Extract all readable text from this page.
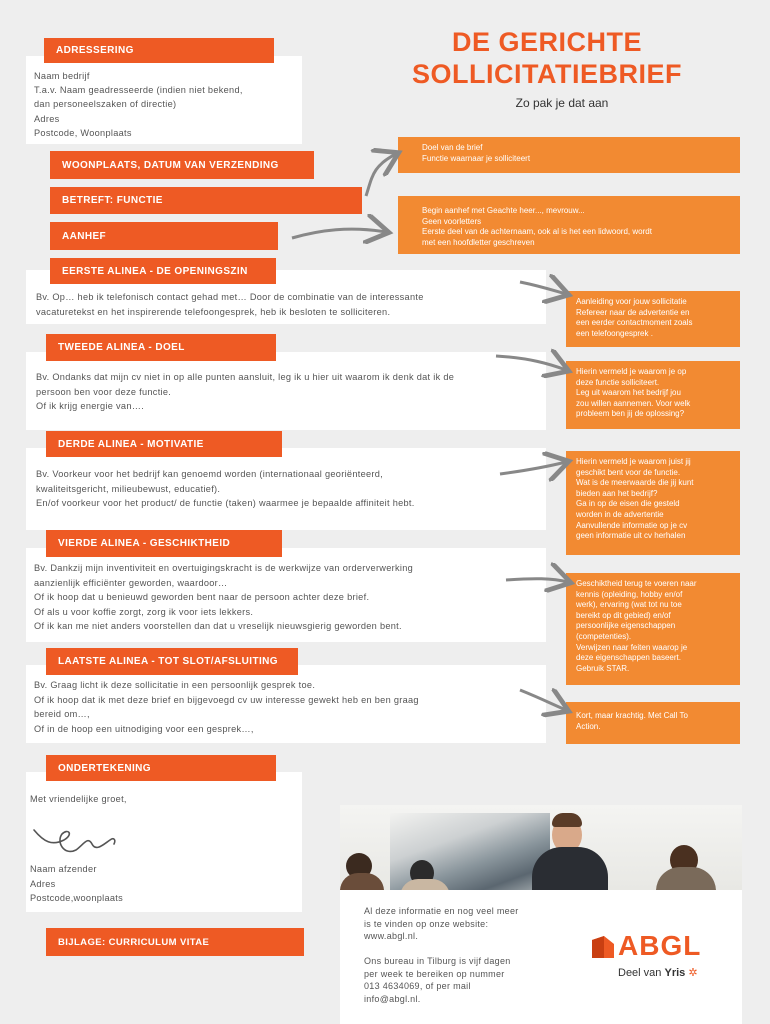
DE GERICHTE
SOLLICITATIEBRIEF
Zo pak je dat aan
ADRESSERING
Naam bedrijf
T.a.v. Naam geadresseerde (indien niet bekend,
dan personeelszaken of directie)
Adres
Postcode, Woonplaats
WOONPLAATS, DATUM VAN VERZENDING
BETREFT: FUNCTIE
AANHEF
Doel van de brief
Functie waarnaar je solliciteert
Begin aanhef met Geachte heer..., mevrouw...
Geen voorletters
Eerste deel van de achternaam, ook al is het een lidwoord, wordt
met een hoofdletter geschreven
EERSTE ALINEA - DE OPENINGSZIN
Bv. Op… heb ik telefonisch contact gehad met… Door de combinatie van de interessante
vacaturetekst en het inspirerende telefoongesprek, heb ik besloten te solliciteren.
Aanleiding voor jouw sollicitatie
Refereer naar de advertentie en
een eerder contactmoment zoals
een telefoongesprek .
TWEEDE ALINEA - DOEL
Bv. Ondanks dat mijn cv niet in op alle punten aansluit, leg ik u hier uit waarom ik denk dat ik de
persoon ben voor deze functie.
Of ik krijg energie van….
Hierin vermeld je waarom je op
deze functie solliciteert.
Leg uit waarom het bedrijf jou
zou willen aannemen. Voor welk
probleem ben jij de oplossing?
DERDE ALINEA - MOTIVATIE
Bv. Voorkeur voor het bedrijf kan genoemd worden (internationaal georiënteerd,
kwaliteitsgericht, milieubewust, educatief).
En/of voorkeur voor het product/ de functie (taken) waarmee je bepaalde affiniteit hebt.
Hierin vermeld je waarom juist jij
geschikt bent voor de functie.
Wat is de meerwaarde die jij kunt
bieden aan het bedrijf?
Ga in op de eisen die gesteld
worden in de advertentie
Aanvullende informatie op je cv
geen informatie uit cv herhalen
VIERDE ALINEA - GESCHIKTHEID
Bv. Dankzij mijn inventiviteit en overtuigingskracht is de werkwijze van orderverwerking
aanzienlijk efficiënter geworden, waardoor…
Of ik hoop dat u benieuwd geworden bent naar de persoon achter deze brief.
Of als u voor koffie zorgt, zorg ik voor iets lekkers.
Of ik kan me niet anders voorstellen dan dat u vreselijk nieuwsgierig geworden bent.
Geschiktheid terug te voeren naar
kennis (opleiding, hobby en/of
werk), ervaring (wat tot nu toe
bereikt op dit gebied) en/of
persoonlijke eigenschappen
(competenties).
Verwijzen naar feiten waarop je
deze eigenschappen baseert.
Gebruik STAR.
LAATSTE ALINEA - TOT SLOT/AFSLUITING
Bv. Graag licht ik deze sollicitatie in een persoonlijk gesprek toe.
Of ik hoop dat ik met deze brief en bijgevoegd cv uw interesse gewekt heb en ben graag
bereid om…,
Of in de hoop een uitnodiging voor een gesprek…,
Kort, maar krachtig. Met Call To
Action.
ONDERTEKENING
Met vriendelijke groet,
Naam afzender
Adres
Postcode,woonplaats
BIJLAGE: CURRICULUM VITAE
Al deze informatie en nog veel meer
is te vinden op onze website:
www.abgl.nl.
Ons bureau in Tilburg is vijf dagen
per week te bereiken op nummer
013 4634069, of per mail
info@abgl.nl.
ABGL
Deel van Yris ✲
